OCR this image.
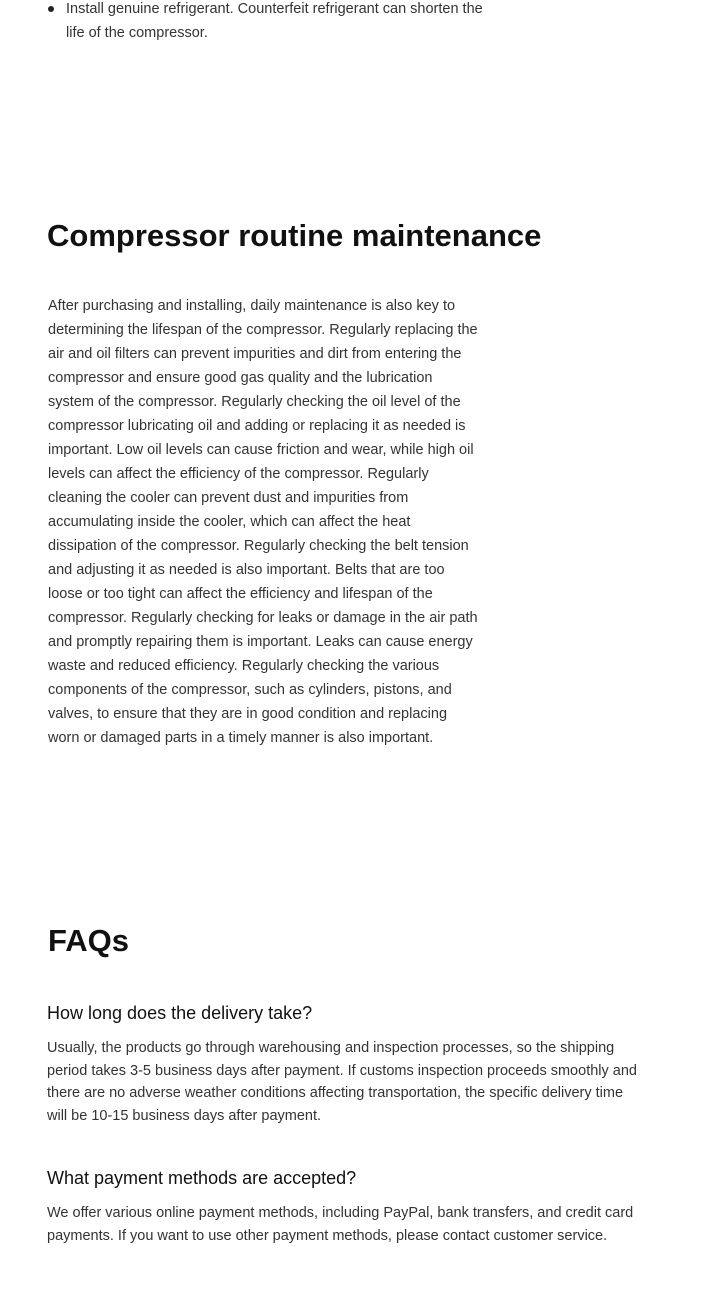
Install genuine refrigerant. Counterfeit refrigerant can shorten the life of the compressor.
Compressor routine maintenance

After purchasing and installing, daily maintenance is also key to determining the lifespan of the compressor. Regularly replacing the air and oil filters can prevent impurities and dirt from entering the compressor and ensure good gas quality and the lubrication system of the compressor. Regularly checking the oil level of the compressor lubricating oil and adding or replacing it as needed is important. Low oil levels can cause friction and wear, while high oil levels can affect the efficiency of the compressor. Regularly cleaning the cooler can prevent dust and impurities from accumulating inside the cooler, which can affect the heat dissipation of the compressor. Regularly checking the belt tension and adjusting it as needed is also important. Belts that are too loose or too tight can affect the efficiency and lifespan of the compressor. Regularly checking for leaks or damage in the air path and promptly repairing them is important. Leaks can cause energy waste and reduced efficiency. Regularly checking the various components of the compressor, such as cylinders, pistons, and valves, to ensure that they are in good condition and replacing worn or damaged parts in a timely manner is also important.

FAQs
How long does the delivery take?

Usually, the products go through warehousing and inspection processes, so the shipping period takes 3-5 business days after payment. If customs inspection proceeds smoothly and there are no adverse weather conditions affecting transportation, the specific delivery time will be 10-15 business days after payment.

What payment methods are accepted?

We offer various online payment methods, including PayPal, bank transfers, and credit card payments. If you want to use other payment methods, please contact customer service.
